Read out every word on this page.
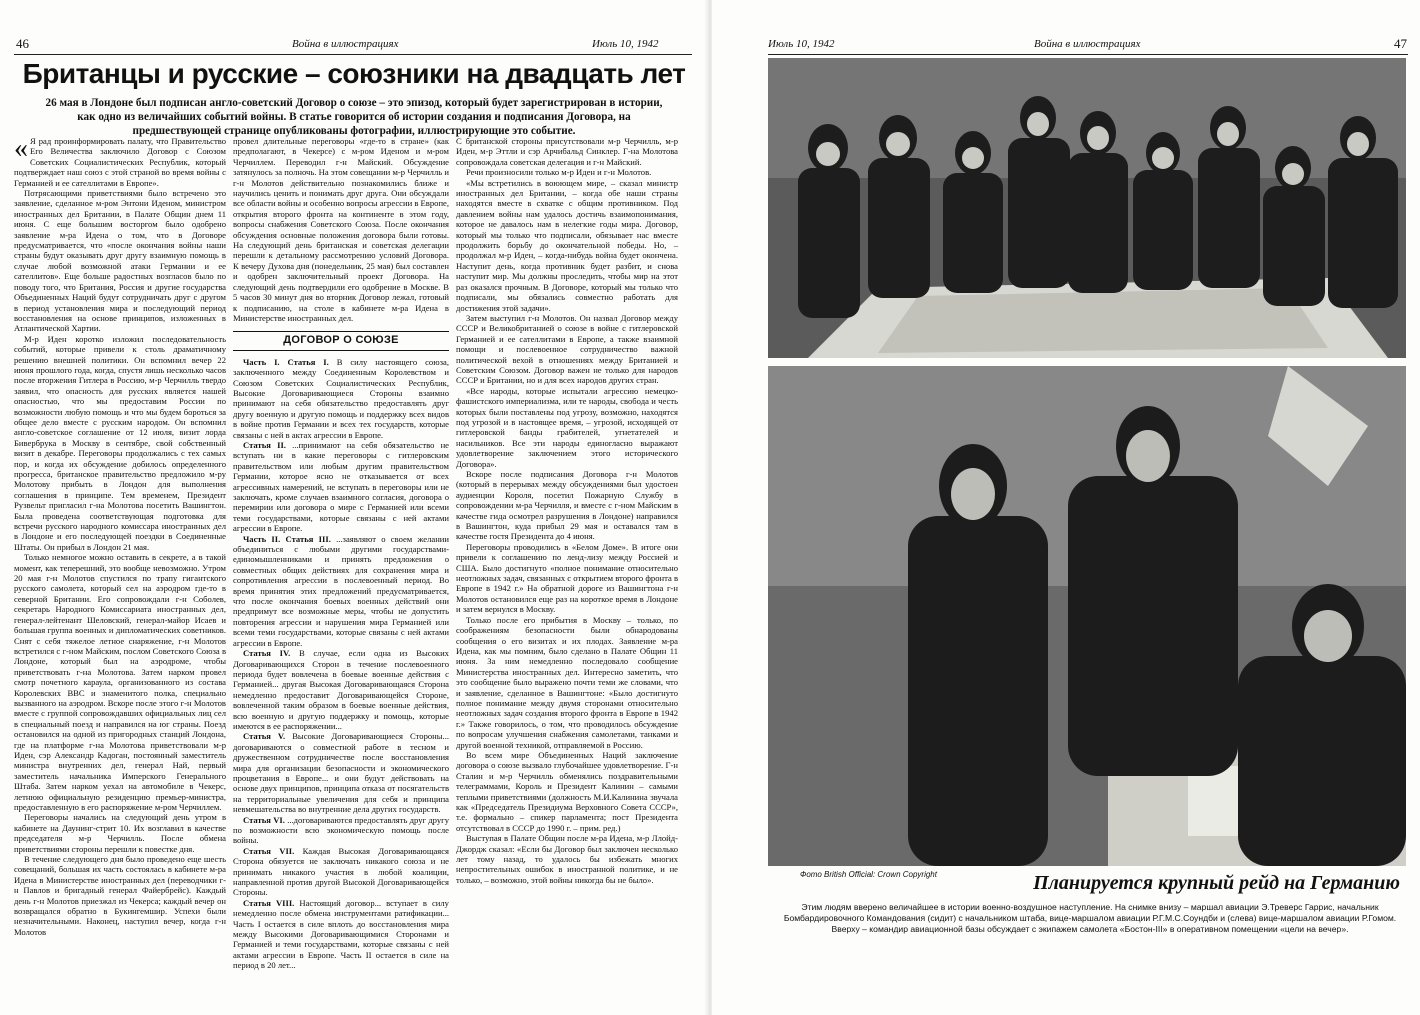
46	Война в иллюстрациях	Июль 10, 1942
Британцы и русские – союзники на двадцать лет
26 мая в Лондоне был подписан англо-советский Договор о союзе – это эпизод, который будет зарегистрирован в истории, как одно из величайших событий войны. В статье говорится об истории создания и подписания Договора, на предшествующей странице опубликованы фотографии, иллюстрирующие это событие.

« Я рад проинформировать палату, что Правительство Его Величества заключило Договор с Союзом Советских Социалистических Республик, который подтверждает наш союз с этой страной во время войны с Германией и ее сателлитами в Европе».

Потрясающими приветствиями было встречено это заявление, сделанное м-ром Энтони Иденом, министром иностранных дел Британии, в Палате Общин днем 11 июня. С еще большим восторгом было одобрено заявление м-ра Идена о том, что в Договоре предусматривается, что «после окончания войны наши страны будут оказывать друг другу взаимную помощь в случае любой возможной атаки Германии и ее сателлитов». Еще больше радостных возгласов было по поводу того, что Британия, Россия и другие государства Объединенных Наций будут сотрудничать друг с другом в период установления мира и последующий период восстановления на основе принципов, изложенных в Атлантической Хартии.

М-р Иден коротко изложил последовательность событий, которые привели к столь драматичному решению внешней политики. Он вспомнил вечер 22 июня прошлого года, когда, спустя лишь несколько часов после вторжения Гитлера в Россию, м-р Черчилль твердо заявил, что опасность для русских является нашей опасностью, что мы предоставим России по возможности любую помощь и что мы будем бороться за общее дело вместе с русским народом. Он вспомнил англо-советское соглашение от 12 июля, визит лорда Бивербрука в Москву в сентябре, свой собственный визит в декабре. Переговоры продолжались с тех самых пор, и когда их обсуждение добилось определенного прогресса, британское правительство предложило м-ру Молотову прибыть в Лондон для выполнения соглашения в принципе. Тем временем, Президент Рузвельт пригласил г-на Молотова посетить Вашингтон. Была проведена соответствующая подготовка для встречи русского народного комиссара иностранных дел в Лондоне и его последующей поездки в Соединенные Штаты. Он прибыл в Лондон 21 мая.

Только немногое можно оставить в секрете, а в такой момент, как теперешний, это вообще невозможно. Утром 20 мая г-н Молотов спустился по трапу гигантского русского самолета, который сел на аэродром где-то в северной Британии. Его сопровождали г-н Соболев, секретарь Народного Комиссариата иностранных дел, генерал-лейтенант Шеловский, генерал-майор Исаев и большая группа военных и дипломатических советников. Снят с себя тяжелое летное снаряжение, г-н Молотов встретился с г-ном Майским, послом Советского Союза в Лондоне, который был на аэродроме, чтобы приветствовать г-на Молотова. Затем нарком провел смотр почетного караула, организованного из состава Королевских ВВС и знаменитого полка, специально вызванного на аэродром. Вскоре после этого г-н Молотов вместе с группой сопровождавших официальных лиц сел в специальный поезд и направился на юг страны. Поезд остановился на одной из пригородных станций Лондона, где на платформе г-на Молотова приветствовали м-р Иден, сэр Александр Кадоган, постоянный заместитель министра внутренних дел, генерал Най, первый заместитель начальника Имперского Генерального Штаба. Затем нарком уехал на автомобиле в Чекерс, летнюю официальную резиденцию премьер-министра, предоставленную в его распоряжение м-ром Черчиллем.

Переговоры начались на следующий день утром в кабинете на Даунинг-стрит 10. Их возглавил в качестве председателя м-р Черчилль. После обмена приветствиями стороны перешли к повестке дня.

В течение следующего дня было проведено еще шесть совещаний, большая их часть состоялась в кабинете м-ра Идена в Министерстве иностранных дел (переводчики г-н Павлов и бригадный генерал Файербрейс). Каждый день г-н Молотов приезжал из Чекерса; каждый вечер он возвращался обратно в Букингемшир. Успехи были незначительными. Наконец, наступил вечер, когда г-н Молотов

провел длительные переговоры «где-то в стране» (как предполагают, в Чекерсе) с м-ром Иденом и м-ром Черчиллем. Переводил г-н Майский. Обсуждение затянулось за полночь. На этом совещании м-р Черчилль и г-н Молотов действительно познакомились ближе и научились ценить и понимать друг друга. Они обсуждали все области войны и особенно вопросы агрессии в Европе, открытия второго фронта на континенте в этом году, вопросы снабжения Советского Союза. После окончания обсуждения основные положения договора были готовы. На следующий день британская и советская делегации перешли к детальному рассмотрению условий Договора. К вечеру Духова дня (понедельник, 25 мая) был составлен и одобрен заключительный проект Договора. На следующий день подтвердили его одобрение в Москве. В 5 часов 30 минут дня во вторник Договор лежал, готовый к подписанию, на столе в кабинете м-ра Идена в Министерстве иностранных дел.

ДОГОВОР О СОЮЗЕ

Часть I. Статья I. В силу настоящего союза, заключенного между Соединенным Королевством и Союзом Советских Социалистических Республик, Высокие Договаривающиеся Стороны взаимно принимают на себя обязательство предоставлять друг другу военную и другую помощь и поддержку всех видов в войне против Германии и всех тех государств, которые связаны с ней в актах агрессии в Европе.

Статья II. ...принимают на себя обязательство не вступать ни в какие переговоры с гитлеровским правительством или любым другим правительством Германии, которое ясно не отказывается от всех агрессивных намерений, не вступать в переговоры или не заключать, кроме случаев взаимного согласия, договора о перемирии или договора о мире с Германией или всеми теми государствами, которые связаны с ней актами агрессии в Европе.

Часть II. Статья III. ...заявляют о своем желании объединиться с любыми другими государствами-единомышленниками и принять предложения о совместных общих действиях для сохранения мира и сопротивления агрессии в послевоенный период. Во время принятия этих предложений предусматривается, что после окончания боевых военных действий они предпримут все возможные меры, чтобы не допустить повторения агрессии и нарушения мира Германией или всеми теми государствами, которые связаны с ней актами агрессии в Европе.

Статья IV. В случае, если одна из Высоких Договаривающихся Сторон в течение послевоенного периода будет вовлечена в боевые военные действия с Германией... другая Высокая Договаривающаяся Сторона немедленно предоставит Договаривающейся Стороне, вовлеченной таким образом в боевые военные действия, всю военную и другую поддержку и помощь, которые имеются в ее распоряжении...

Статья V. Высокие Договаривающиеся Стороны... договариваются о совместной работе в тесном и дружественном сотрудничестве после восстановления мира для организации безопасности и экономического процветания в Европе... и они будут действовать на основе двух принципов, принципа отказа от посягательств на территориальные увеличения для себя и принципа невмешательства во внутренние дела других государств.

Статья VI. ...договариваются предоставлять друг другу по возможности всю экономическую помощь после войны.

Статья VII. Каждая Высокая Договаривающаяся Сторона обязуется не заключать никакого союза и не принимать никакого участия в любой коалиции, направленной против другой Высокой Договаривающейся Стороны.

Статья VIII. Настоящий договор... вступает в силу немедленно после обмена инструментами ратификации... Часть I остается в силе вплоть до восстановления мира между Высокими Договаривающимися Сторонами и Германией и теми государствами, которые связаны с ней актами агрессии в Европе. Часть II остается в силе на период в 20 лет...

С британской стороны присутствовали м-р Черчилль, м-р Иден, м-р Эттли и сэр Арчибальд Синклер. Г-на Молотова сопровождала советская делегация и г-н Майский.

Речи произносили только м-р Иден и г-н Молотов.

«Мы встретились в воюющем мире, – сказал министр иностранных дел Британии, – когда обе наши страны находятся вместе в схватке с общим противником. Под давлением войны нам удалось достичь взаимопонимания, которое не давалось нам в нелегкие годы мира. Договор, который мы только что подписали, обязывает нас вместе продолжить борьбу до окончательной победы. Но, – продолжал м-р Иден, – когда-нибудь война будет окончена. Наступит день, когда противник будет разбит, и снова наступит мир. Мы должны проследить, чтобы мир на этот раз оказался прочным. В Договоре, который мы только что подписали, мы обязались совместно работать для достижения этой задачи».

Затем выступил г-н Молотов. Он назвал Договор между СССР и Великобританией о союзе в войне с гитлеровской Германией и ее сателлитами в Европе, а также взаимной помощи и послевоенное сотрудничество важной политической вехой в отношениях между Британией и Советским Союзом. Договор важен не только для народов СССР и Британии, но и для всех народов других стран.

«Все народы, которые испытали агрессию немецко-фашистского империализма, или те народы, свобода и честь которых были поставлены под угрозу, возможно, находятся под угрозой и в настоящее время, – угрозой, исходящей от гитлеровской банды грабителей, угнетателей и насильников. Все эти народы единогласно выражают удовлетворение заключением этого исторического Договора».

Вскоре после подписания Договора г-н Молотов (который в перерывах между обсуждениями был удостоен аудиенции Короля, посетил Пожарную Службу в сопровождении м-ра Черчилля, и вместе с г-ном Майским в качестве гида осмотрел разрушения в Лондоне) направился в Вашингтон, куда прибыл 29 мая и оставался там в качестве гостя Президента до 4 июня.

Переговоры проводились в «Белом Доме». В итоге они привели к соглашению по ленд-лизу между Россией и США. Было достигнуто «полное понимание относительно неотложных задач, связанных с открытием второго фронта в Европе в 1942 г.» На обратной дороге из Вашингтона г-н Молотов остановился еще раз на короткое время в Лондоне и затем вернулся в Москву.

Только после его прибытия в Москву – только, по соображениям безопасности были обнародованы сообщения о его визитах и их плодах. Заявление м-ра Идена, как мы помним, было сделано в Палате Общин 11 июня. За ним немедленно последовало сообщение Министерства иностранных дел. Интересно заметить, что это сообщение было выражено почти теми же словами, что и заявление, сделанное в Вашингтоне: «Было достигнуто полное понимание между двумя сторонами относительно неотложных задач создания второго фронта в Европе в 1942 г.» Также говорилось, о том, что проводилось обсуждение по вопросам улучшения снабжения самолетами, танками и другой военной техникой, отправляемой в Россию.

Во всем мире Объединенных Наций заключение договора о союзе вызвало глубочайшее удовлетворение. Г-н Сталин и м-р Черчилль обменялись поздравительными телеграммами, Король и Президент Калинин – самыми теплыми приветствиями (должность М.И.Калинина звучала как «Председатель Президиума Верховного Совета СССР», т.е. формально – спикер парламента; пост Президента отсутствовал в СССР до 1990 г. – прим. ред.)

Выступая в Палате Общин после м-ра Идена, м-р Ллойд-Джордж сказал: «Если бы Договор был заключен несколько лет тому назад, то удалось бы избежать многих непростительных ошибок в иностранной политике, и не только, – возможно, этой войны никогда бы не было».

Июль 10, 1942	Война в иллюстрациях	47
Фото British Official: Crown Copyright	Планируется крупный рейд на Германию
Этим людям вверено величайшее в истории военно-воздушное наступление. На снимке внизу – маршал авиации Э.Треверс Гаррис, начальник Бомбардировочного Командования (сидит) с начальником штаба, вице-маршалом авиации Р.Г.М.С.Соундби и (слева) вице-маршалом авиации Р.Гомом. Вверху – командир авиационной базы обсуждает с экипажем самолета «Бостон-III» в оперативном помещении «цели на вечер».
